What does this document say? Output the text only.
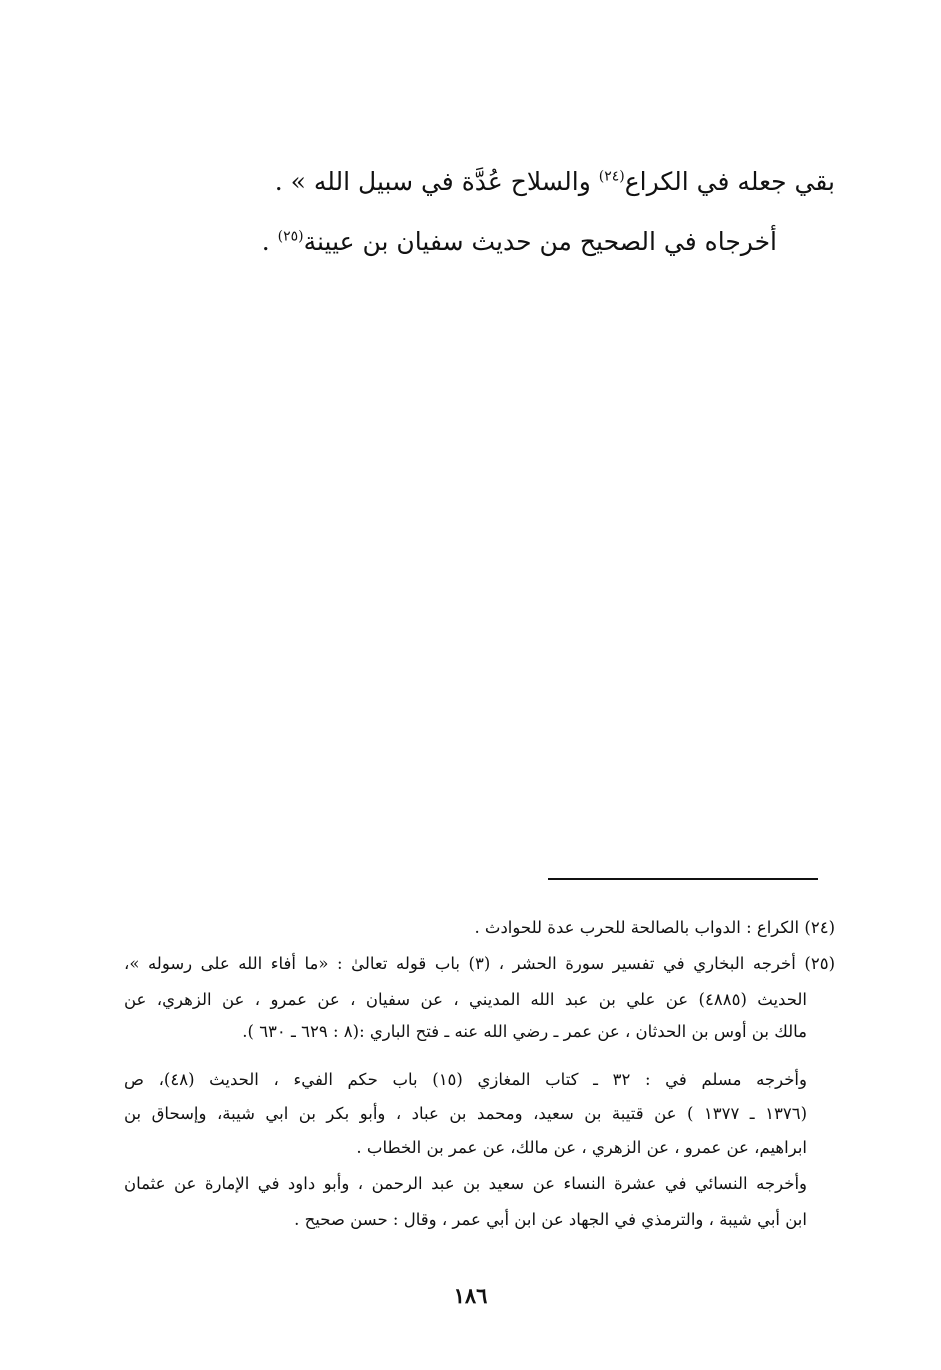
بقي جعله في الكراع$^{(٢٤)}$ والسلاح عُدَّة في سبيل الله » .
أخرجاه في الصحيح من حديث سفيان بن عيينة$^{(٢٥)}$ .
(٢٤) الكراع : الدواب بالصالحة للحرب عدة للحوادث .
(٢٥) أخرجه البخاري في تفسير سورة الحشر ، (٣) باب قوله تعالىٰ : «ما أفاء الله على رسوله »،
الحديث (٤٨٨٥) عن علي بن عبد الله المديني ، عن سفيان ، عن عمرو ، عن الزهري، عن
مالك بن أوس بن الحدثان ، عن عمر ـ رضي الله عنه ـ فتح الباري :(٨ : ٦٢٩ ـ ٦٣٠ ).
وأخرجه مسلم في : ٣٢ ـ كتاب المغازي (١٥) باب حكم الفيء ، الحديث (٤٨)، ص
(١٣٧٦ ـ ١٣٧٧ ) عن قتيبة بن سعيد، ومحمد بن عباد ، وأبو بكر بن ابي شيبة، وإسحاق بن
ابراهيم، عن عمرو ، عن الزهري ، عن مالك، عن عمر بن الخطاب .
وأخرجه النسائي في عشرة النساء عن سعيد بن عبد الرحمن ، وأبو داود في الإمارة عن عثمان
ابن أبي شيبة ، والترمذي في الجهاد عن ابن أبي عمر ، وقال : حسن صحيح .
١٨٦
